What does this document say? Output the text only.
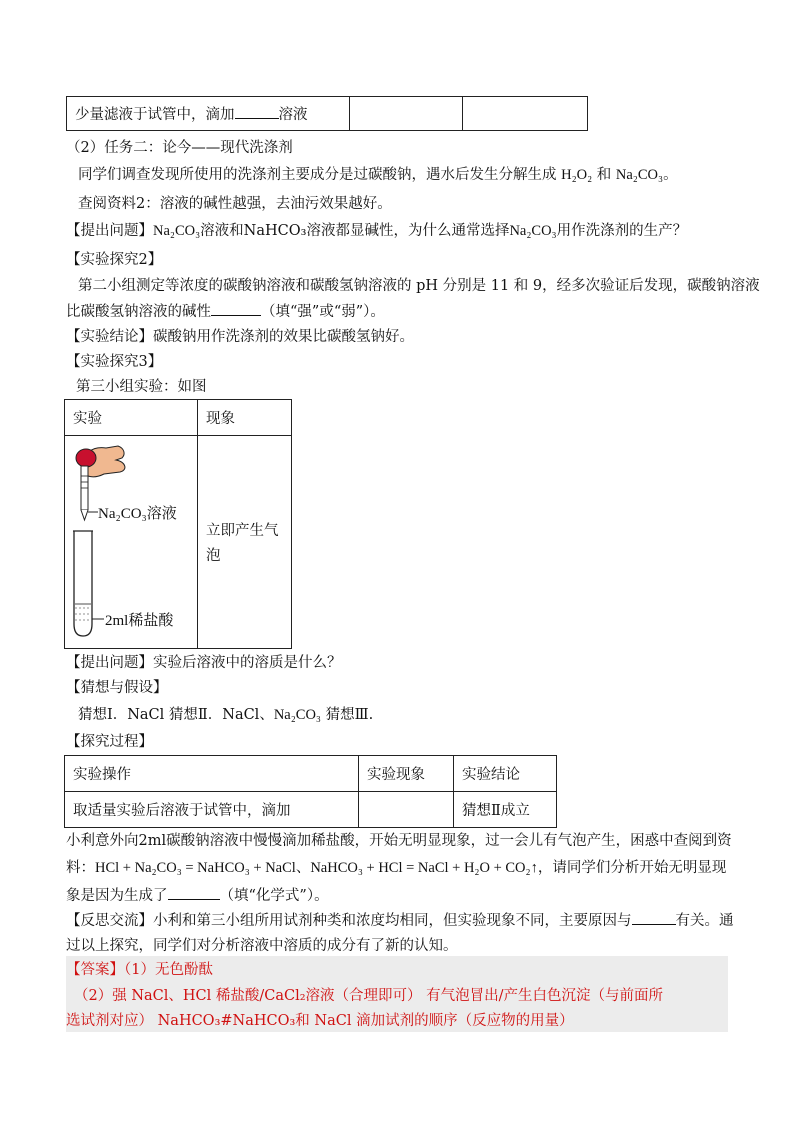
少量滤液于试管中，滴加	溶液		
（2）任务二：论今——现代洗涤剂
同学们调查发现所使用的洗涤剂主要成分是过碳酸钠，遇水后发生分解生成 H₂O₂ 和 Na₂CO₃。
查阅资料2：溶液的碱性越强，去油污效果越好。
【提出问题】Na₂CO₃溶液和NaHCO₃溶液都显碱性，为什么通常选择Na₂CO₃用作洗涤剂的生产？
【实验探究2】
第二小组测定等浓度的碳酸钠溶液和碳酸氢钠溶液的 pH 分别是 11 和 9，经多次验证后发现，碳酸钠溶液
比碳酸氢钠溶液的碱性	（填“强”或“弱”）。
【实验结论】碳酸钠用作洗涤剂的效果比碳酸氢钠好。
【实验探究3】
第三小组实验：如图
实验	现象

	立即产生气
泡
Na₂CO₃溶液
2ml稀盐酸
【提出问题】实验后溶液中的溶质是什么？
【猜想与假设】
猜想Ⅰ．NaCl 猜想Ⅱ．NaCl、Na₂CO₃ 猜想Ⅲ.
【探究过程】
实验操作	实验现象	实验结论
取适量实验后溶液于试管中，滴加		猜想Ⅱ成立
小利意外向2ml碳酸钠溶液中慢慢滴加稀盐酸，开始无明显现象，过一会儿有气泡产生，困惑中查阅到资
料：HCl + Na₂CO₃ = NaHCO₃ + NaCl、NaHCO₃ + HCl = NaCl + H₂O + CO₂↑，请同学们分析开始无明显现
象是因为生成了	（填“化学式”）。
【反思交流】小利和第三小组所用试剂种类和浓度均相同，但实验现象不同，主要原因与	有关。通
过以上探究，同学们对分析溶液中溶质的成分有了新的认知。
【答案】（1）无色酚酞
（2）强 NaCl、HCl 稀盐酸/CaCl₂溶液（合理即可） 有气泡冒出/产生白色沉淀（与前面所
选试剂对应） NaHCO₃#NaHCO₃和 NaCl 滴加试剂的顺序（反应物的用量）
